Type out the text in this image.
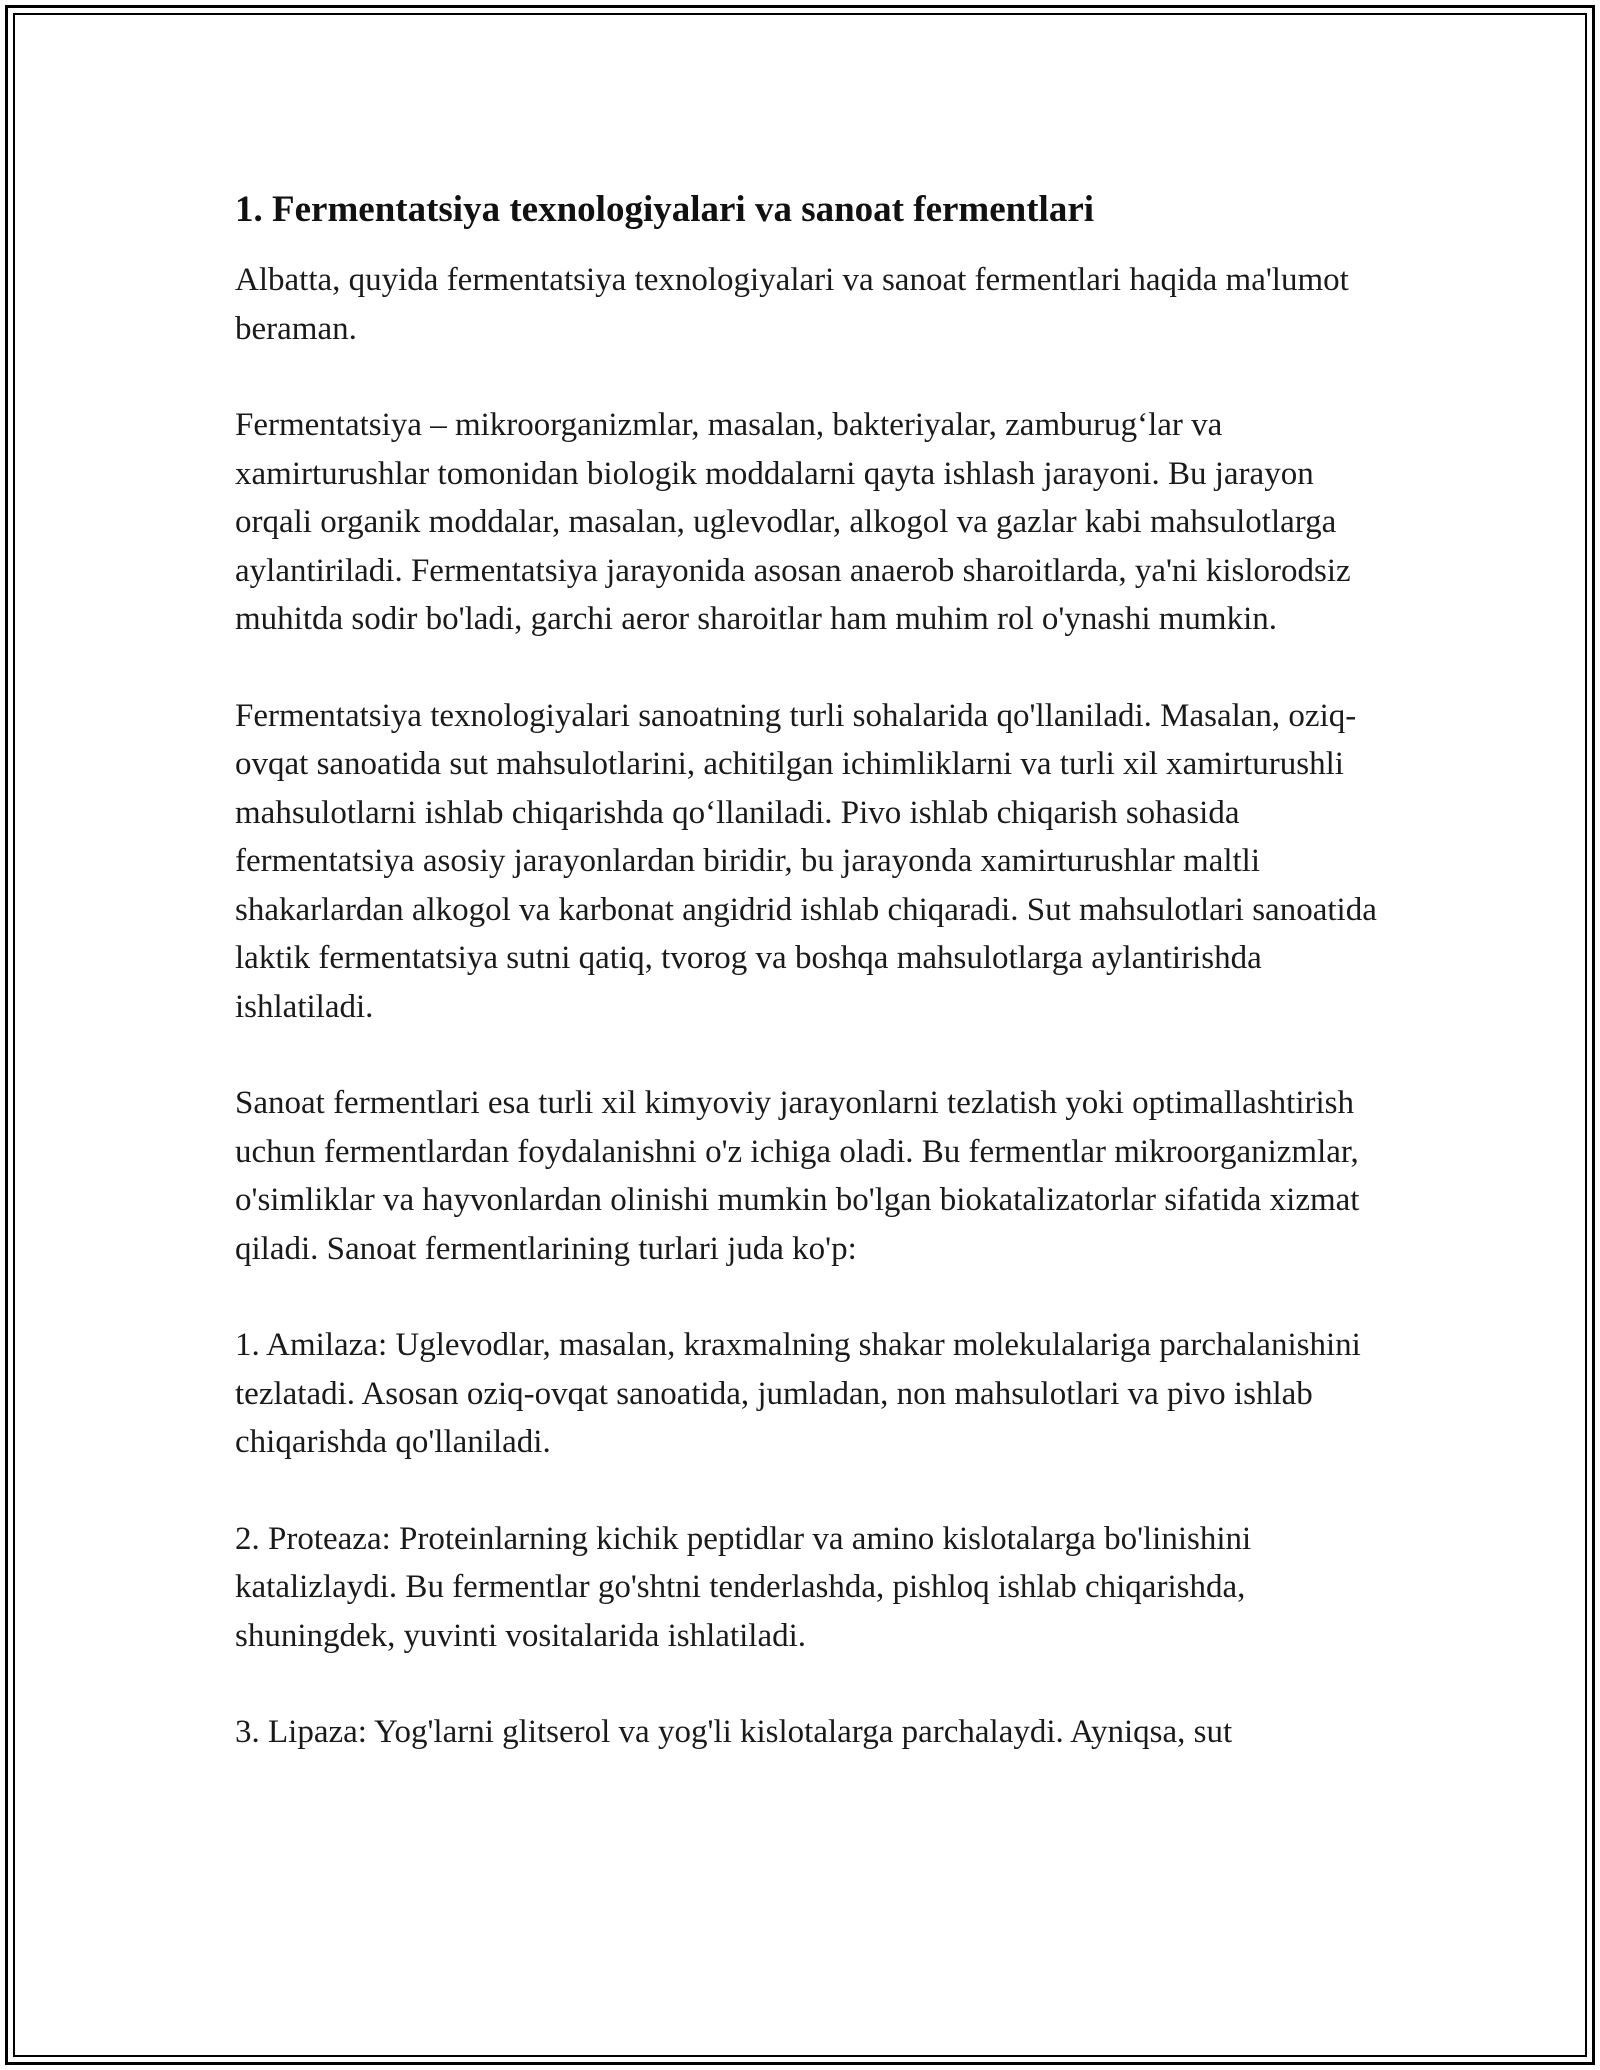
1. Fermentatsiya texnologiyalari va sanoat fermentlari

Albatta, quyida fermentatsiya texnologiyalari va sanoat fermentlari haqida ma'lumot beraman.

Fermentatsiya – mikroorganizmlar, masalan, bakteriyalar, zamburug‘lar va xamirturushlar tomonidan biologik moddalarni qayta ishlash jarayoni. Bu jarayon orqali organik moddalar, masalan, uglevodlar, alkogol va gazlar kabi mahsulotlarga aylantiriladi. Fermentatsiya jarayonida asosan anaerob sharoitlarda, ya'ni kislorodsiz muhitda sodir bo'ladi, garchi aeror sharoitlar ham muhim rol o'ynashi mumkin.

Fermentatsiya texnologiyalari sanoatning turli sohalarida qo'llaniladi. Masalan, oziq-ovqat sanoatida sut mahsulotlarini, achitilgan ichimliklarni va turli xil xamirturushli mahsulotlarni ishlab chiqarishda qo‘llaniladi. Pivo ishlab chiqarish sohasida fermentatsiya asosiy jarayonlardan biridir, bu jarayonda xamirturushlar maltli shakarlardan alkogol va karbonat angidrid ishlab chiqaradi. Sut mahsulotlari sanoatida laktik fermentatsiya sutni qatiq, tvorog va boshqa mahsulotlarga aylantirishda ishlatiladi.

Sanoat fermentlari esa turli xil kimyoviy jarayonlarni tezlatish yoki optimallashtirish uchun fermentlardan foydalanishni o'z ichiga oladi. Bu fermentlar mikroorganizmlar, o'simliklar va hayvonlardan olinishi mumkin bo'lgan biokatalizatorlar sifatida xizmat qiladi. Sanoat fermentlarining turlari juda ko'p:

1. Amilaza: Uglevodlar, masalan, kraxmalning shakar molekulalariga parchalanishini tezlatadi. Asosan oziq-ovqat sanoatida, jumladan, non mahsulotlari va pivo ishlab chiqarishda qo'llaniladi.

2. Proteaza: Proteinlarning kichik peptidlar va amino kislotalarga bo'linishini katalizlaydi. Bu fermentlar go'shtni tenderlashda, pishloq ishlab chiqarishda, shuningdek, yuvinti vositalarida ishlatiladi.

3. Lipaza: Yog'larni glitserol va yog'li kislotalarga parchalaydi. Ayniqsa, sut
